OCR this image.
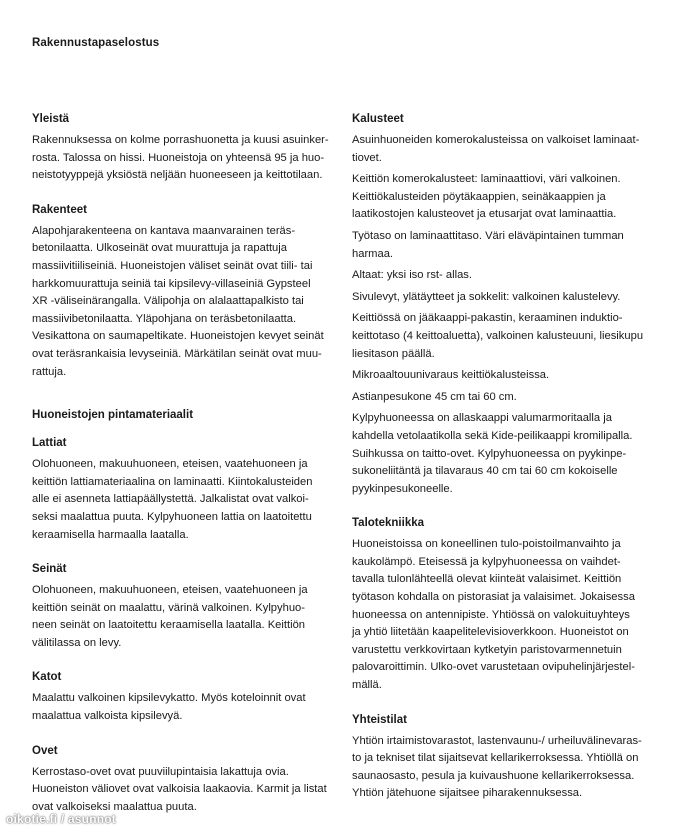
Rakennustapaselostus
Yleistä

Rakennuksessa on kolme porrashuonetta ja kuusi asuinker-
rosta. Talossa on hissi. Huoneistoja on yhteensä 95 ja huo-
neistotyyppejä yksiöstä neljään huoneeseen ja keittotilaan.

Rakenteet

Alapohjarakenteena on kantava maanvarainen teräs-
betonilaatta. Ulkoseinät ovat muurattuja ja rapattuja
massiivitiiliseiniä. Huoneistojen väliset seinät ovat tiili- tai
harkkomuurattuja seiniä tai kipsilevy-villaseiniä Gypsteel
XR -väliseinärangalla. Välipohja on alalaattapalkisto tai
massiivibetonilaatta. Yläpohjana on teräsbetonilaatta.
Vesikattona on saumapeltikate. Huoneistojen kevyet seinät
ovat teräsrankaisia levyseiniä. Märkätilan seinät ovat muu-
rattuja.

Huoneistojen pintamateriaalit
Lattiat

Olohuoneen, makuuhuoneen, eteisen, vaatehuoneen ja
keittiön lattiamateriaalina on laminaatti. Kiintokalusteiden
alle ei asenneta lattiapäällystettä. Jalkalistat ovat valkoi-
seksi maalattua puuta. Kylpyhuoneen lattia on laatoitettu
keraamisella harmaalla laatalla.

Seinät

Olohuoneen, makuuhuoneen, eteisen, vaatehuoneen ja
keittiön seinät on maalattu, värinä valkoinen. Kylpyhuo-
neen seinät on laatoitettu keraamisella laatalla. Keittiön
välitilassa on levy.

Katot

Maalattu valkoinen kipsilevykatto. Myös koteloinnit ovat
maalattua valkoista kipsilevyä.

Ovet

Kerrostaso-ovet ovat puuviilupintaisia lakattuja ovia.
Huoneiston väliovet ovat valkoisia laakaovia. Karmit ja listat
ovat valkoiseksi maalattua puuta.

Kalusteet

Asuinhuoneiden komerokalusteissa on valkoiset laminaat-
tiovet.

Keittiön komerokalusteet: laminaattiovi, väri valkoinen.
Keittiökalusteiden pöytäkaappien, seinäkaappien ja
laatikostojen kalusteovet ja etusarjat ovat laminaattia.

Työtaso on laminaattitaso. Väri eläväpintainen tumman
harmaa.

Altaat: yksi iso rst- allas.

Sivulevyt, ylätäytteet ja sokkelit: valkoinen kalustelevy.

Keittiössä on jääkaappi-pakastin, keraaminen induktio-
keittotaso (4 keittoaluetta), valkoinen kalusteuuni, liesikupu
liesitason päällä.

Mikroaaltouunivaraus keittiökalusteissa.

Astianpesukone 45 cm tai 60 cm.

Kylpyhuoneessa on allaskaappi valumarmoritaalla ja
kahdella vetolaatikolla sekä Kide-peilikaappi kromilipalla.
Suihkussa on taitto-ovet. Kylpyhuoneessa on pyykinpe-
sukoneliitäntä ja tilavaraus 40 cm tai 60 cm kokoiselle
pyykinpesukoneelle.

Talotekniikka

Huoneistoissa on koneellinen tulo-poistoilmanvaihto ja
kaukolämpö. Eteisessä ja kylpyhuoneessa on vaihdet-
tavalla tulonlähteellä olevat kiinteät valaisimet. Keittiön
työtason kohdalla on pistorasiat ja valaisimet. Jokaisessa
huoneessa on antennipiste. Yhtiössä on valokuituyhteys
ja yhtiö liitetään kaapelitelevisioverkkoon. Huoneistot on
varustettu verkkovirtaan kytketyin paristovarmennetuin
palovaroittimin. Ulko-ovet varustetaan ovipuhelinjärjestel-
mällä.

Yhteistilat

Yhtiön irtaimistovarastot, lastenvaunu-/ urheiluvälinevaras-
to ja tekniset tilat sijaitsevat kellarikerroksessa. Yhtiöllä on
saunaosasto, pesula ja kuivaushuone kellarikerroksessa.
Yhtiön jätehuone sijaitsee piharakennuksessa.

oikotie.fi / asunnot
